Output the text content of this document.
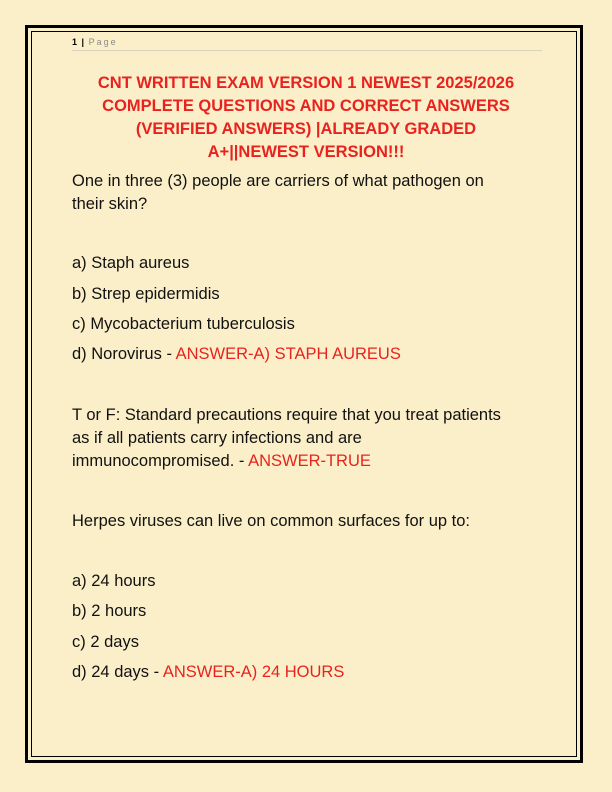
1 | Page
CNT WRITTEN EXAM VERSION 1 NEWEST 2025/2026
COMPLETE QUESTIONS AND CORRECT ANSWERS
(VERIFIED ANSWERS) |ALREADY GRADED
A+||NEWEST VERSION!!!
One in three (3) people are carriers of what pathogen on
their skin?
a) Staph aureus
b) Strep epidermidis
c) Mycobacterium tuberculosis
d) Norovirus - ANSWER-A) STAPH AUREUS
T or F: Standard precautions require that you treat patients
as if all patients carry infections and are
immunocompromised. - ANSWER-TRUE
Herpes viruses can live on common surfaces for up to:
a) 24 hours
b) 2 hours
c) 2 days
d) 24 days - ANSWER-A) 24 HOURS
